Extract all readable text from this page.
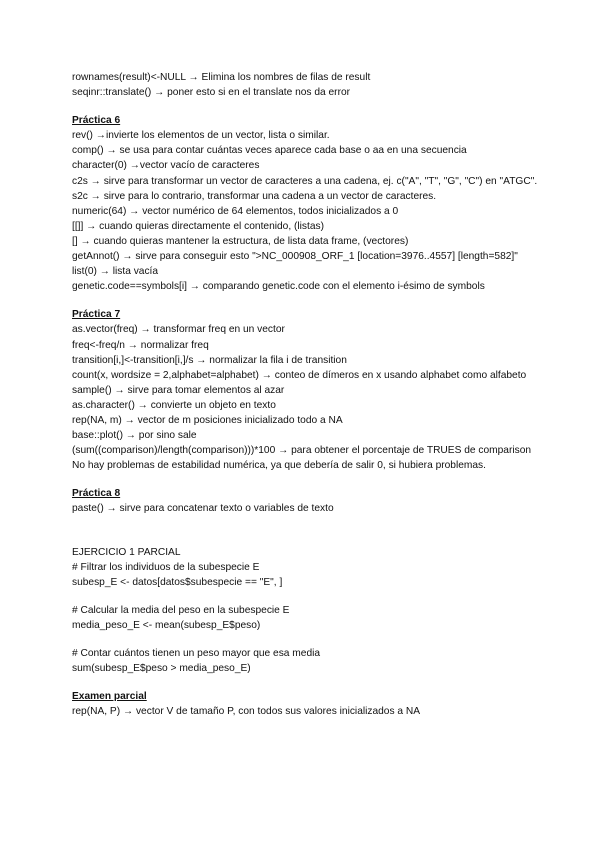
rownames(result)<-NULL → Elimina los nombres de filas de result
seqinr::translate() → poner esto si en el translate nos da error
Práctica 6
rev() →invierte los elementos de un vector, lista o similar.
comp() → se usa para contar cuántas veces aparece cada base o aa en una secuencia
character(0) →vector vacío de caracteres
c2s → sirve para transformar un vector de caracteres a una cadena, ej. c("A", "T", "G", "C") en "ATGC".
s2c → sirve para lo contrario, transformar una cadena a un vector de caracteres.
numeric(64) → vector numérico de 64 elementos, todos inicializados a 0
[[]] → cuando quieras directamente el contenido, (listas)
[] → cuando quieras mantener la estructura, de lista data frame, (vectores)
getAnnot() → sirve para conseguir esto ">NC_000908_ORF_1 [location=3976..4557] [length=582]"
list(0) → lista vacía
genetic.code==symbols[i] → comparando genetic.code con el elemento i-ésimo de symbols
Práctica 7
as.vector(freq) → transformar freq en un vector
freq<-freq/n → normalizar freq
transition[i,]<-transition[i,]/s → normalizar la fila i de transition
count(x, wordsize = 2,alphabet=alphabet) → conteo de dímeros en x usando alphabet como alfabeto
sample() → sirve para tomar elementos al azar
as.character() → convierte un objeto en texto
rep(NA, m) → vector de m posiciones inicializado todo a NA
base::plot() → por sino sale
(sum((comparison)/length(comparison)))*100 → para obtener el porcentaje de TRUES de comparison
No hay problemas de estabilidad numérica, ya que debería de salir 0, si hubiera problemas.
Práctica 8
paste() → sirve para concatenar texto o variables de texto
EJERCICIO 1 PARCIAL
# Filtrar los individuos de la subespecie E
subesp_E <- datos[datos$subespecie == "E", ]
# Calcular la media del peso en la subespecie E
media_peso_E <- mean(subesp_E$peso)
# Contar cuántos tienen un peso mayor que esa media
sum(subesp_E$peso > media_peso_E)
Examen parcial
rep(NA, P) → vector V de tamaño P, con todos sus valores inicializados a NA
